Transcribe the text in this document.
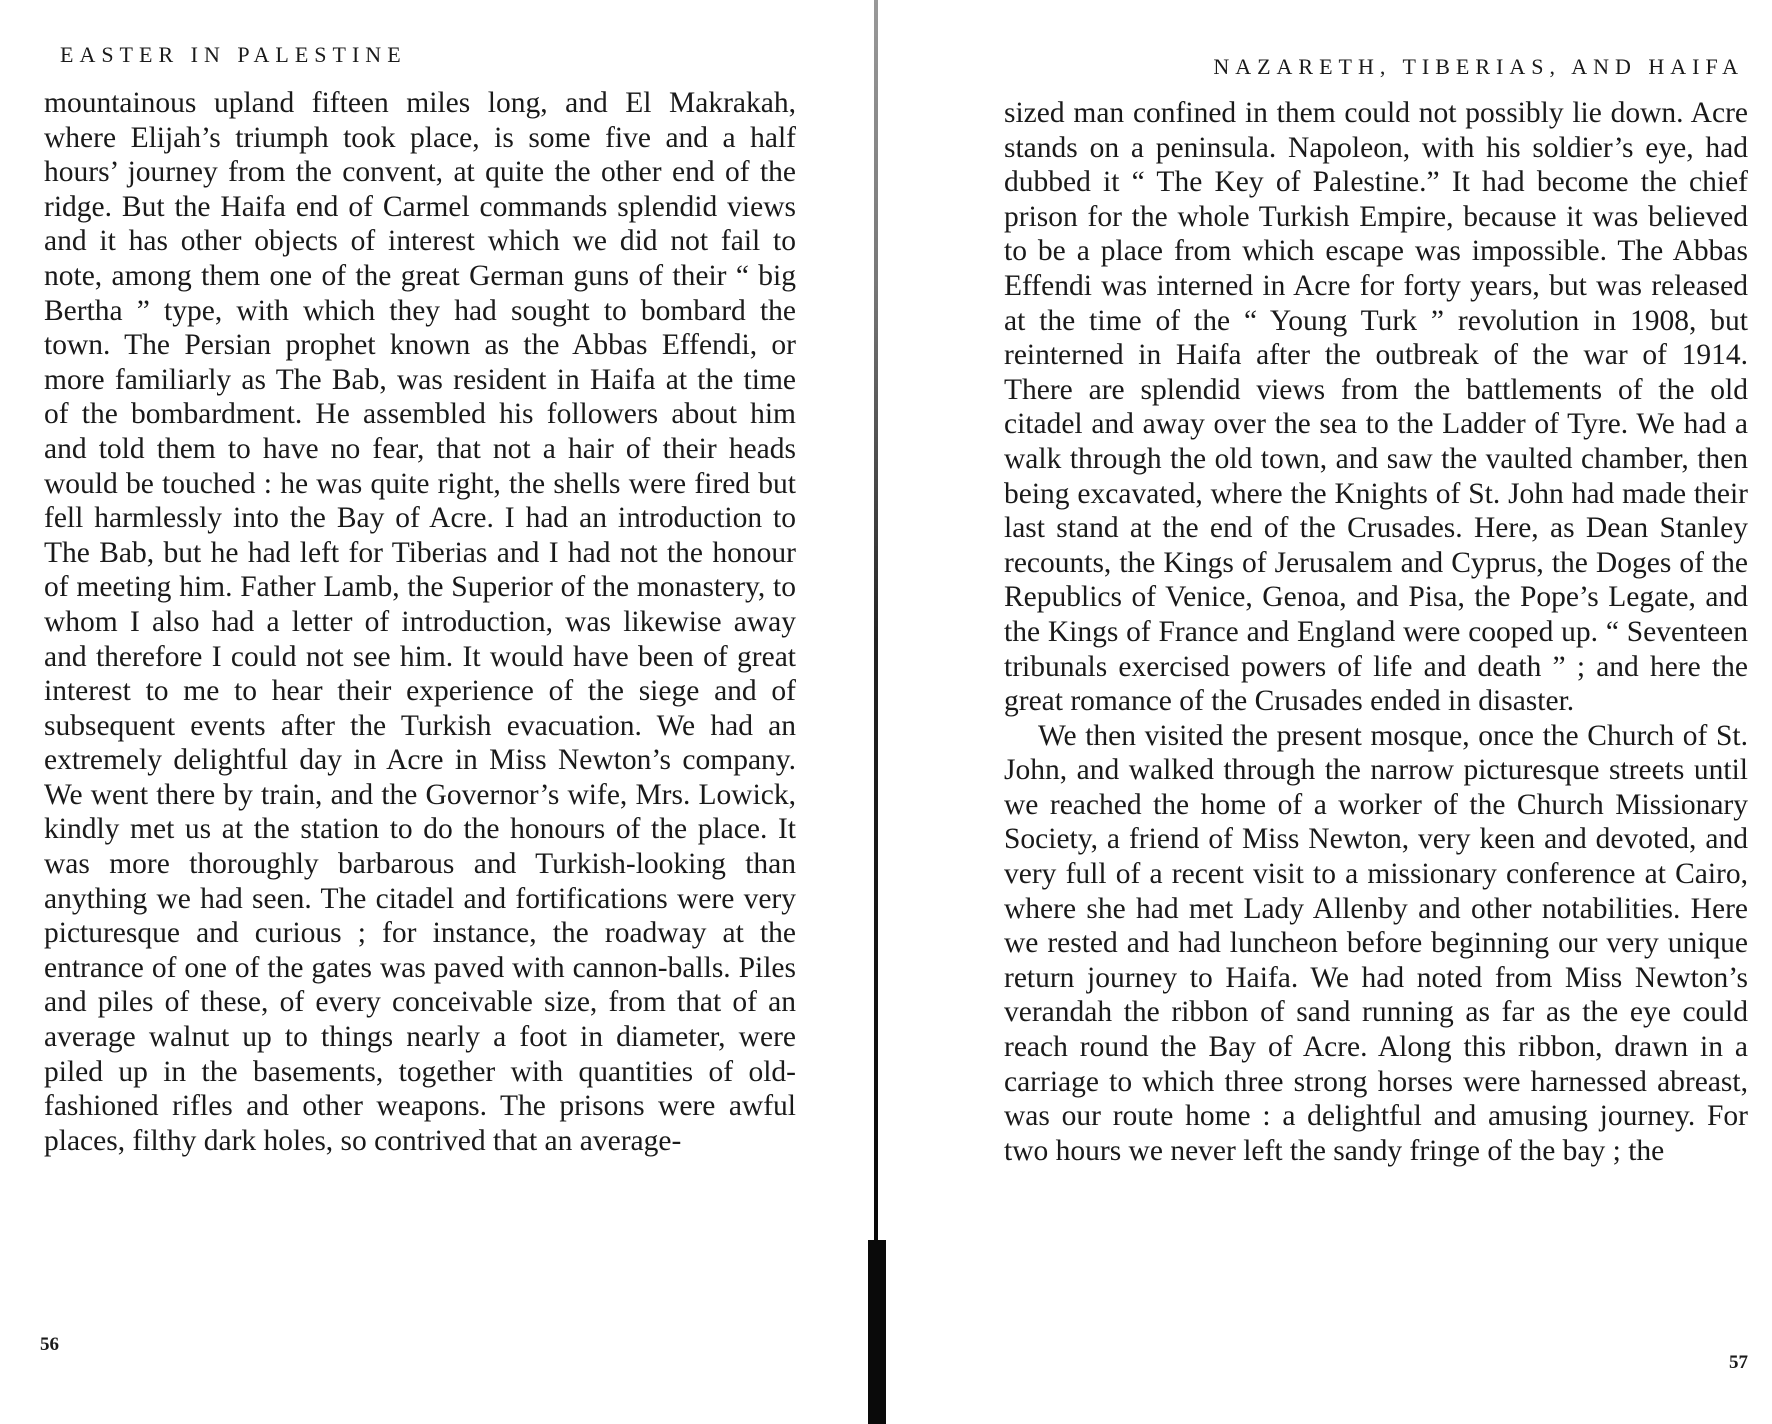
EASTER IN PALESTINE

mountainous upland fifteen miles long, and El Makrakah, where Elijah’s triumph took place, is some five and a half hours’ journey from the convent, at quite the other end of the ridge. But the Haifa end of Carmel commands splendid views and it has other objects of interest which we did not fail to note, among them one of the great German guns of their “ big Bertha ” type, with which they had sought to bombard the town. The Persian prophet known as the Abbas Effendi, or more familiarly as The Bab, was resident in Haifa at the time of the bombardment. He assembled his followers about him and told them to have no fear, that not a hair of their heads would be touched : he was quite right, the shells were fired but fell harmlessly into the Bay of Acre. I had an introduction to The Bab, but he had left for Tiberias and I had not the honour of meeting him. Father Lamb, the Superior of the monastery, to whom I also had a letter of introduction, was likewise away and therefore I could not see him. It would have been of great interest to me to hear their experience of the siege and of subsequent events after the Turkish evacuation. We had an extremely delightful day in Acre in Miss Newton’s company. We went there by train, and the Governor’s wife, Mrs. Lowick, kindly met us at the station to do the honours of the place. It was more thoroughly barbarous and Turkish-looking than anything we had seen. The citadel and fortifications were very picturesque and curious ; for instance, the roadway at the entrance of one of the gates was paved with cannon-balls. Piles and piles of these, of every conceivable size, from that of an average walnut up to things nearly a foot in diameter, were piled up in the basements, together with quantities of old-fashioned rifles and other weapons. The prisons were awful places, filthy dark holes, so contrived that an average-

56
NAZARETH, TIBERIAS, AND HAIFA

sized man confined in them could not possibly lie down. Acre stands on a peninsula. Napoleon, with his soldier’s eye, had dubbed it “ The Key of Palestine.” It had become the chief prison for the whole Turkish Empire, because it was believed to be a place from which escape was impossible. The Abbas Effendi was interned in Acre for forty years, but was released at the time of the “ Young Turk ” revolution in 1908, but reinterned in Haifa after the outbreak of the war of 1914. There are splendid views from the battlements of the old citadel and away over the sea to the Ladder of Tyre. We had a walk through the old town, and saw the vaulted chamber, then being excavated, where the Knights of St. John had made their last stand at the end of the Crusades. Here, as Dean Stanley recounts, the Kings of Jerusalem and Cyprus, the Doges of the Republics of Venice, Genoa, and Pisa, the Pope’s Legate, and the Kings of France and England were cooped up. “ Seventeen tribunals exercised powers of life and death ” ; and here the great romance of the Crusades ended in disaster.

We then visited the present mosque, once the Church of St. John, and walked through the narrow picturesque streets until we reached the home of a worker of the Church Missionary Society, a friend of Miss Newton, very keen and devoted, and very full of a recent visit to a missionary conference at Cairo, where she had met Lady Allenby and other notabilities. Here we rested and had luncheon before beginning our very unique return journey to Haifa. We had noted from Miss Newton’s verandah the ribbon of sand running as far as the eye could reach round the Bay of Acre. Along this ribbon, drawn in a carriage to which three strong horses were harnessed abreast, was our route home : a delightful and amusing journey. For two hours we never left the sandy fringe of the bay ; the

57
